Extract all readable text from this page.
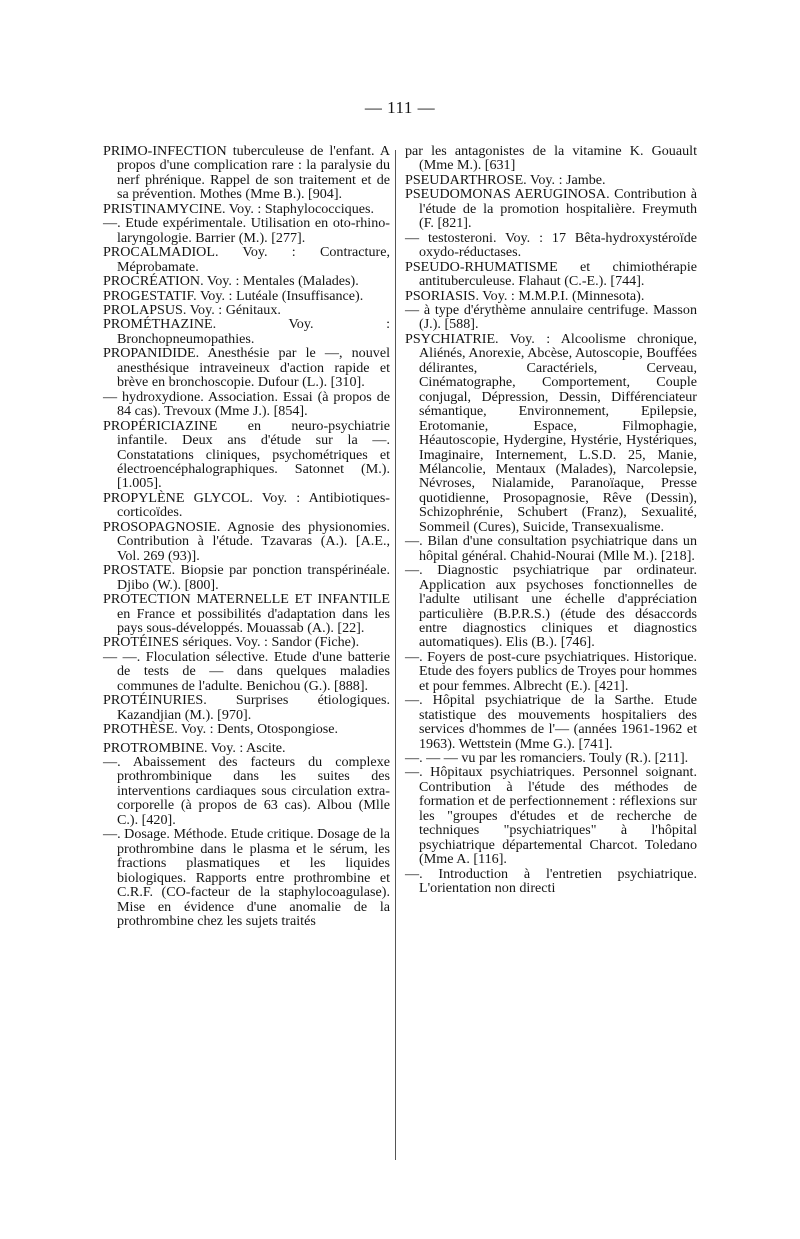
— 111 —

PRIMO-INFECTION tuberculeuse de l'enfant. A propos d'une complication rare : la paralysie du nerf phrénique. Rappel de son traitement et de sa prévention. Mothes (Mme B.). [904].

PRISTINAMYCINE. Voy. : Staphylococciques.

—. Etude expérimentale. Utilisation en oto-rhino-laryngologie. Barrier (M.). [277].

PROCALMADIOL. Voy. : Contracture, Méprobamate.

PROCRÉATION. Voy. : Mentales (Malades).

PROGESTATIF. Voy. : Lutéale (Insuffisance).

PROLAPSUS. Voy. : Génitaux.

PROMÉTHAZINE. Voy. : Bronchopneumopathies.

PROPANIDIDE. Anesthésie par le —, nouvel anesthésique intraveineux d'action rapide et brève en bronchoscopie. Dufour (L.). [310].

— hydroxydione. Association. Essai (à propos de 84 cas). Trevoux (Mme J.). [854].

PROPÉRICIAZINE en neuro-psychiatrie infantile. Deux ans d'étude sur la —. Constatations cliniques, psychométriques et électroencéphalographiques. Satonnet (M.). [1.005].

PROPYLÈNE GLYCOL. Voy. : Antibiotiques-corticoïdes.

PROSOPAGNOSIE. Agnosie des physionomies. Contribution à l'étude. Tzavaras (A.). [A.E., Vol. 269 (93)].

PROSTATE. Biopsie par ponction transpérinéale. Djibo (W.). [800].

PROTECTION MATERNELLE ET INFANTILE en France et possibilités d'adaptation dans les pays sous-développés. Mouassab (A.). [22].

PROTÉINES sériques. Voy. : Sandor (Fiche).

— —. Floculation sélective. Etude d'une batterie de tests de — dans quelques maladies communes de l'adulte. Benichou (G.). [888].

PROTÉINURIES. Surprises étiologiques. Kazandjian (M.). [970].

PROTHÈSE. Voy. : Dents, Otospongiose.

PROTROMBINE. Voy. : Ascite.

—. Abaissement des facteurs du complexe prothrombinique dans les suites des interventions cardiaques sous circulation extra-corporelle (à propos de 63 cas). Albou (Mlle C.). [420].

—. Dosage. Méthode. Etude critique. Dosage de la prothrombine dans le plasma et le sérum, les fractions plasmatiques et les liquides biologiques. Rapports entre prothrombine et C.R.F. (CO-facteur de la staphylocoagulase). Mise en évidence d'une anomalie de la prothrombine chez les sujets traités

par les antagonistes de la vitamine K. Gouault (Mme M.). [631]

PSEUDARTHROSE. Voy. : Jambe.

PSEUDOMONAS AERUGINOSA. Contribution à l'étude de la promotion hospitalière. Freymuth (F. [821].

— testosteroni. Voy. : 17 Bêta-hydroxystéroïde oxydo-réductases.

PSEUDO-RHUMATISME et chimiothérapie antituberculeuse. Flahaut (C.-E.). [744].

PSORIASIS. Voy. : M.M.P.I. (Minnesota).

— à type d'érythème annulaire centrifuge. Masson (J.). [588].

PSYCHIATRIE. Voy. : Alcoolisme chronique, Aliénés, Anorexie, Abcèse, Autoscopie, Bouffées délirantes, Caractériels, Cerveau, Cinématographe, Comportement, Couple conjugal, Dépression, Dessin, Différenciateur sémantique, Environnement, Epilepsie, Erotomanie, Espace, Filmophagie, Héautoscopie, Hydergine, Hystérie, Hystériques, Imaginaire, Internement, L.S.D. 25, Manie, Mélancolie, Mentaux (Malades), Narcolepsie, Névroses, Nialamide, Paranoïaque, Presse quotidienne, Prosopagnosie, Rêve (Dessin), Schizophrénie, Schubert (Franz), Sexualité, Sommeil (Cures), Suicide, Transexualisme.

—. Bilan d'une consultation psychiatrique dans un hôpital général. Chahid-Nourai (Mlle M.). [218].

—. Diagnostic psychiatrique par ordinateur. Application aux psychoses fonctionnelles de l'adulte utilisant une échelle d'appréciation particulière (B.P.R.S.) (étude des désaccords entre diagnostics cliniques et diagnostics automatiques). Elis (B.). [746].

—. Foyers de post-cure psychiatriques. Historique. Etude des foyers publics de Troyes pour hommes et pour femmes. Albrecht (E.). [421].

—. Hôpital psychiatrique de la Sarthe. Etude statistique des mouvements hospitaliers des services d'hommes de l'— (années 1961-1962 et 1963). Wettstein (Mme G.). [741].

—. — — vu par les romanciers. Touly (R.). [211].

—. Hôpitaux psychiatriques. Personnel soignant. Contribution à l'étude des méthodes de formation et de perfectionnement : réflexions sur les "groupes d'études et de recherche de techniques "psychiatriques" à l'hôpital psychiatrique départemental Charcot. Toledano (Mme A. [116].

—. Introduction à l'entretien psychiatrique. L'orientation non directi
